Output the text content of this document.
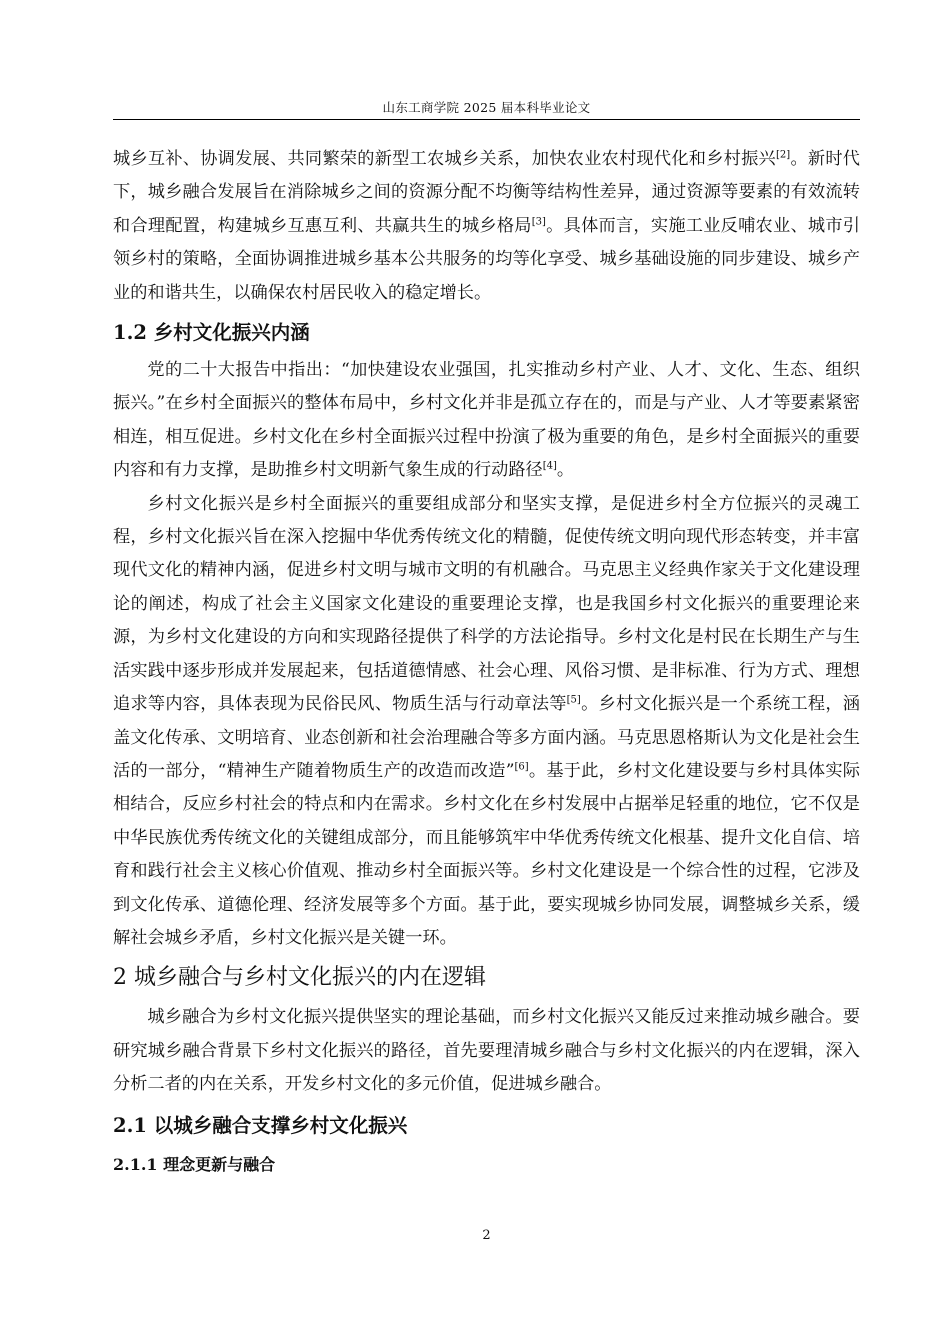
山东工商学院 2025 届本科毕业论文

城乡互补、协调发展、共同繁荣的新型工农城乡关系，加快农业农村现代化和乡村振兴[2]。新时代下，城乡融合发展旨在消除城乡之间的资源分配不均衡等结构性差异，通过资源等要素的有效流转和合理配置，构建城乡互惠互利、共赢共生的城乡格局[3]。具体而言，实施工业反哺农业、城市引领乡村的策略，全面协调推进城乡基本公共服务的均等化享受、城乡基础设施的同步建设、城乡产业的和谐共生，以确保农村居民收入的稳定增长。

1.2 乡村文化振兴内涵

党的二十大报告中指出：“加快建设农业强国，扎实推动乡村产业、人才、文化、生态、组织振兴。”在乡村全面振兴的整体布局中，乡村文化并非是孤立存在的，而是与产业、人才等要素紧密相连，相互促进。乡村文化在乡村全面振兴过程中扮演了极为重要的角色，是乡村全面振兴的重要内容和有力支撑，是助推乡村文明新气象生成的行动路径[4]。

乡村文化振兴是乡村全面振兴的重要组成部分和坚实支撑，是促进乡村全方位振兴的灵魂工程，乡村文化振兴旨在深入挖掘中华优秀传统文化的精髓，促使传统文明向现代形态转变，并丰富现代文化的精神内涵，促进乡村文明与城市文明的有机融合。马克思主义经典作家关于文化建设理论的阐述，构成了社会主义国家文化建设的重要理论支撑，也是我国乡村文化振兴的重要理论来源，为乡村文化建设的方向和实现路径提供了科学的方法论指导。乡村文化是村民在长期生产与生活实践中逐步形成并发展起来，包括道德情感、社会心理、风俗习惯、是非标准、行为方式、理想追求等内容，具体表现为民俗民风、物质生活与行动章法等[5]。乡村文化振兴是一个系统工程，涵盖文化传承、文明培育、业态创新和社会治理融合等多方面内涵。马克思恩格斯认为文化是社会生活的一部分，“精神生产随着物质生产的改造而改造”[6]。基于此，乡村文化建设要与乡村具体实际相结合，反应乡村社会的特点和内在需求。乡村文化在乡村发展中占据举足轻重的地位，它不仅是中华民族优秀传统文化的关键组成部分，而且能够筑牢中华优秀传统文化根基、提升文化自信、培育和践行社会主义核心价值观、推动乡村全面振兴等。乡村文化建设是一个综合性的过程，它涉及到文化传承、道德伦理、经济发展等多个方面。基于此，要实现城乡协同发展，调整城乡关系，缓解社会城乡矛盾，乡村文化振兴是关键一环。

2 城乡融合与乡村文化振兴的内在逻辑

城乡融合为乡村文化振兴提供坚实的理论基础，而乡村文化振兴又能反过来推动城乡融合。要研究城乡融合背景下乡村文化振兴的路径，首先要理清城乡融合与乡村文化振兴的内在逻辑，深入分析二者的内在关系，开发乡村文化的多元价值，促进城乡融合。

2.1 以城乡融合支撑乡村文化振兴
2.1.1 理念更新与融合
2
